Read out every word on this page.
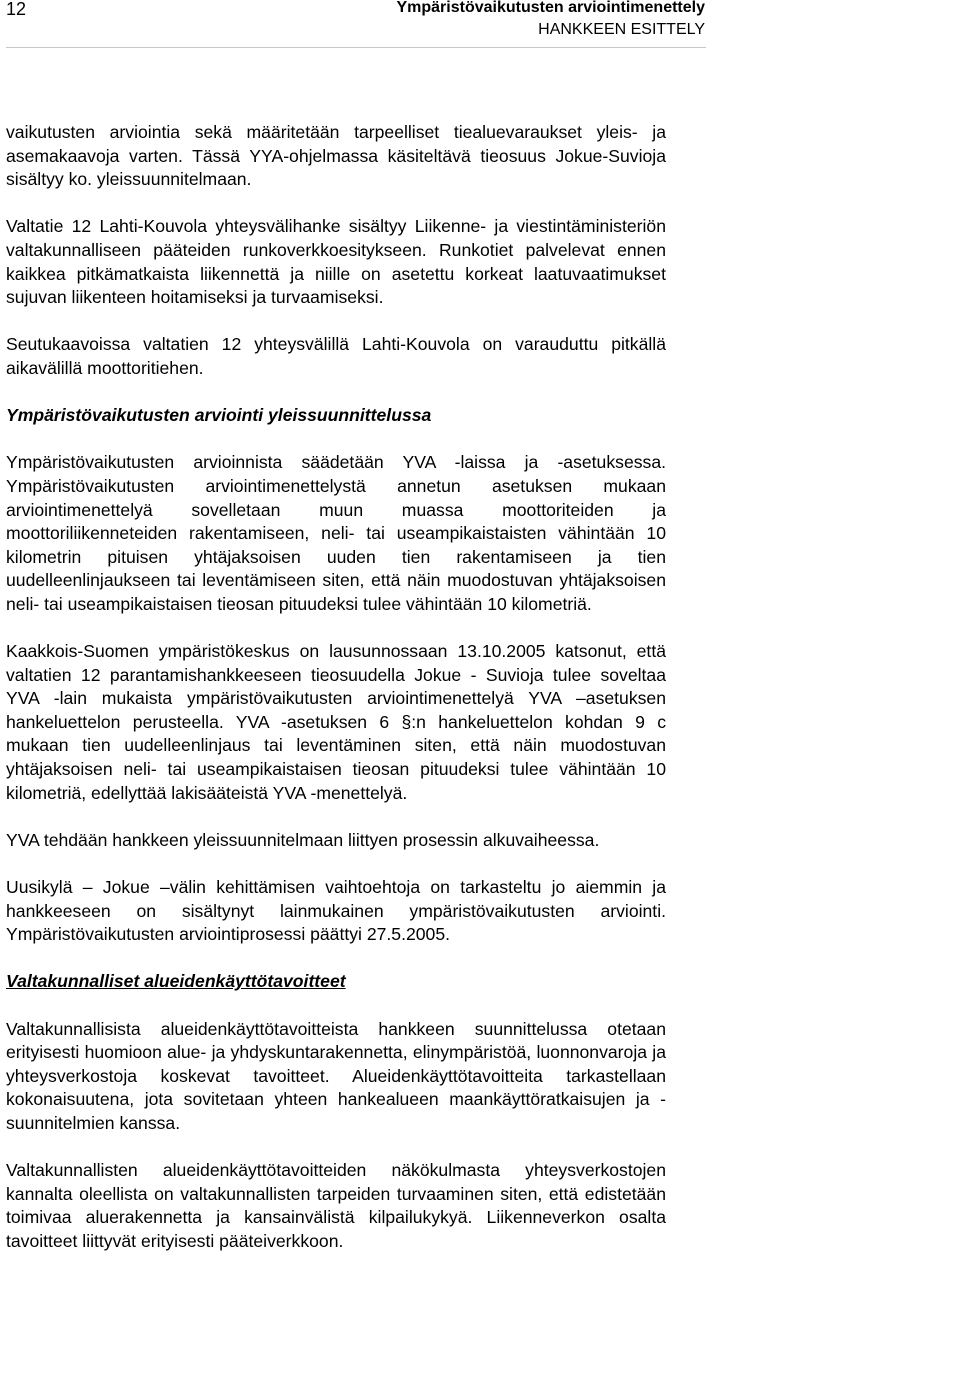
12	Ympäristövaikutusten arviointimenettely
HANKKEEN ESITTELY

vaikutusten arviointia sekä määritetään tarpeelliset tiealuevaraukset yleis- ja asemakaavoja varten. Tässä YYA-ohjelmassa käsiteltävä tieosuus Jokue-Suvioja sisältyy ko. yleissuunnitelmaan.

Valtatie 12 Lahti-Kouvola yhteysvälihanke sisältyy Liikenne- ja viestintäministeriön valtakunnalliseen pääteiden runkoverkkoesitykseen. Runkotiet palvelevat ennen kaikkea pitkämatkaista liikennettä ja niille on asetettu korkeat laatuvaatimukset sujuvan liikenteen hoitamiseksi ja turvaamiseksi.

Seutukaavoissa valtatien 12 yhteysvälillä Lahti-Kouvola on varauduttu pitkällä aikavälillä moottoritiehen.

Ympäristövaikutusten arviointi yleissuunnittelussa

Ympäristövaikutusten arvioinnista säädetään YVA -laissa ja -asetuksessa. Ympäristövaikutusten arviointimenettelystä annetun asetuksen mukaan arviointimenettelyä sovelletaan muun muassa moottoriteiden ja moottoriliikenneteiden rakentamiseen, neli- tai useampikaistaisten vähintään 10 kilometrin pituisen yhtäjaksoisen uuden tien rakentamiseen ja tien uudelleenlinjaukseen tai leventämiseen siten, että näin muodostuvan yhtäjaksoisen neli- tai useampikaistaisen tieosan pituudeksi tulee vähintään 10 kilometriä.

Kaakkois-Suomen ympäristökeskus on lausunnossaan 13.10.2005 katsonut, että valtatien 12 parantamishankkeeseen tieosuudella Jokue - Suvioja tulee soveltaa YVA -lain mukaista ympäristövaikutusten arviointimenettelyä YVA –asetuksen hankeluettelon perusteella. YVA -asetuksen 6 §:n hankeluettelon kohdan 9 c mukaan tien uudelleenlinjaus tai leventäminen siten, että näin muodostuvan yhtäjaksoisen neli- tai useampikaistaisen tieosan pituudeksi tulee vähintään 10 kilometriä, edellyttää lakisääteistä YVA -menettelyä.

YVA tehdään hankkeen yleissuunnitelmaan liittyen prosessin alkuvaiheessa.

Uusikylä – Jokue –välin kehittämisen vaihtoehtoja on tarkasteltu jo aiemmin ja hankkeeseen on sisältynyt lainmukainen ympäristövaikutusten arviointi. Ympäristövaikutusten arviointiprosessi päättyi 27.5.2005.

Valtakunnalliset alueidenkäyttötavoitteet

Valtakunnallisista alueidenkäyttötavoitteista hankkeen suunnittelussa otetaan erityisesti huomioon alue- ja yhdyskuntarakennetta, elinympäristöä, luonnonvaroja ja yhteysverkostoja koskevat tavoitteet. Alueidenkäyttötavoitteita tarkastellaan kokonaisuutena, jota sovitetaan yhteen hankealueen maankäyttöratkaisujen ja -suunnitelmien kanssa.

Valtakunnallisten alueidenkäyttötavoitteiden näkökulmasta yhteysverkostojen kannalta oleellista on valtakunnallisten tarpeiden turvaaminen siten, että edistetään toimivaa aluerakennetta ja kansainvälistä kilpailukykyä. Liikenneverkon osalta tavoitteet liittyvät erityisesti pääteiverkkoon.
